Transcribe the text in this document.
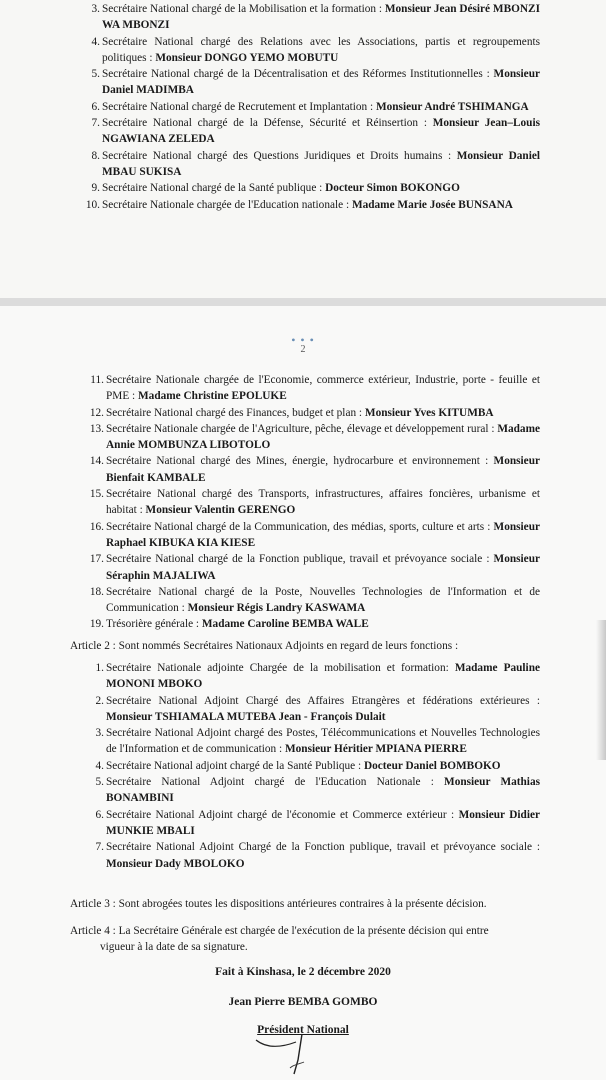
3. Secrétaire National chargé de la Mobilisation et la formation : Monsieur Jean Désiré MBONZI WA MBONZI
4. Secrétaire National chargé des Relations avec les Associations, partis et regroupements politiques : Monsieur DONGO YEMO MOBUTU
5. Secrétaire National chargé de la Décentralisation et des Réformes Institutionnelles : Monsieur Daniel MADIMBA
6. Secrétaire National chargé de Recrutement et Implantation : Monsieur André TSHIMANGA
7. Secrétaire National chargé de la Défense, Sécurité et Réinsertion : Monsieur Jean–Louis NGAWIANA ZELEDA
8. Secrétaire National chargé des Questions Juridiques et Droits humains : Monsieur Daniel MBAU SUKISA
9. Secrétaire National chargé de la Santé publique : Docteur Simon BOKONGO
10. Secrétaire Nationale chargée de l'Education nationale : Madame Marie Josée BUNSANA
• • •
2
11. Secrétaire Nationale chargée de l'Economie, commerce extérieur, Industrie, porte - feuille et PME : Madame Christine EPOLUKE
12. Secrétaire National chargé des Finances, budget et plan : Monsieur Yves KITUMBA
13. Secrétaire Nationale chargée de l'Agriculture, pêche, élevage et développement rural : Madame Annie MOMBUNZA LIBOTOLO
14. Secrétaire National chargé des Mines, énergie, hydrocarbure et environnement : Monsieur Bienfait KAMBALE
15. Secrétaire National chargé des Transports, infrastructures, affaires foncières, urbanisme et habitat : Monsieur Valentin GERENGO
16. Secrétaire National chargé de la Communication, des médias, sports, culture et arts : Monsieur Raphael KIBUKA KIA KIESE
17. Secrétaire National chargé de la Fonction publique, travail et prévoyance sociale : Monsieur Séraphin MAJALIWA
18. Secrétaire National chargé de la Poste, Nouvelles Technologies de l'Information et de Communication : Monsieur Régis Landry KASWAMA
19. Trésorière générale : Madame Caroline BEMBA WALE
Article 2 : Sont nommés Secrétaires Nationaux Adjoints en regard de leurs fonctions :
1. Secrétaire Nationale adjointe Chargée de la mobilisation et formation: Madame Pauline MONONI MBOKO
2. Secrétaire National Adjoint Chargé des Affaires Etrangères et fédérations extérieures : Monsieur TSHIAMALA MUTEBA Jean - François Dulait
3. Secrétaire National Adjoint chargé des Postes, Télécommunications et Nouvelles Technologies de l'Information et de communication : Monsieur Héritier MPIANA PIERRE
4. Secrétaire National adjoint chargé de la Santé Publique : Docteur Daniel BOMBOKO
5. Secrétaire National Adjoint chargé de l'Education Nationale : Monsieur Mathias BONAMBINI
6. Secrétaire National Adjoint chargé de l'économie et Commerce extérieur : Monsieur Didier MUNKIE MBALI
7. Secrétaire National Adjoint Chargé de la Fonction publique, travail et prévoyance sociale : Monsieur Dady MBOLOKO
Article 3 : Sont abrogées toutes les dispositions antérieures contraires à la présente décision.
Article 4 : La Secrétaire Générale est chargée de l'exécution de la présente décision qui entre
vigueur à la date de sa signature.
Fait à Kinshasa, le 2 décembre 2020
Jean Pierre BEMBA GOMBO
Président National
